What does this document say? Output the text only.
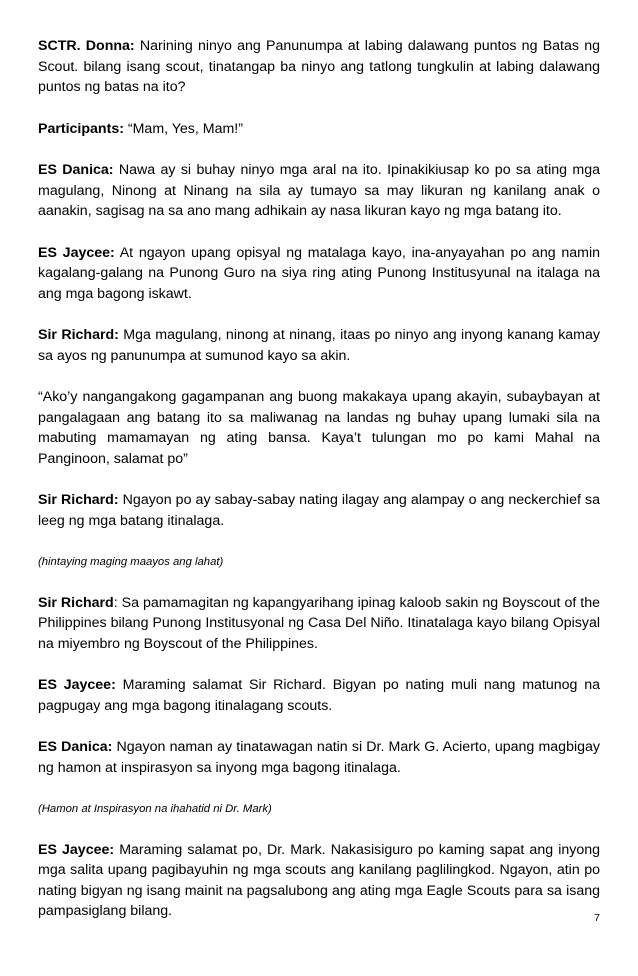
SCTR. Donna: Narining ninyo ang Panunumpa at labing dalawang puntos ng Batas ng Scout. bilang isang scout, tinatangap ba ninyo ang tatlong tungkulin at labing dalawang puntos ng batas na ito?

Participants: “Mam, Yes, Mam!”

ES Danica: Nawa ay si buhay ninyo mga aral na ito. Ipinakikiusap ko po sa ating mga magulang, Ninong at Ninang na sila ay tumayo sa may likuran ng kanilang anak o aanakin, sagisag na sa ano mang adhikain ay nasa likuran kayo ng mga batang ito.

ES Jaycee: At ngayon upang opisyal ng matalaga kayo, ina-anyayahan po ang namin kagalang-galang na Punong Guro na siya ring ating Punong Institusyunal na italaga na ang mga bagong iskawt.

Sir Richard: Mga magulang, ninong at ninang, itaas po ninyo ang inyong kanang kamay sa ayos ng panunumpa at sumunod kayo sa akin.

“Ako’y nangangakong gagampanan ang buong makakaya upang akayin, subaybayan at pangalagaan ang batang ito sa maliwanag na landas ng buhay upang lumaki sila na mabuting mamamayan ng ating bansa. Kaya’t tulungan mo po kami Mahal na Panginoon, salamat po”

Sir Richard: Ngayon po ay sabay-sabay nating ilagay ang alampay o ang neckerchief sa leeg ng mga batang itinalaga.

(hintaying maging maayos ang lahat)

Sir Richard: Sa pamamagitan ng kapangyarihang ipinag kaloob sakin ng Boyscout of the Philippines bilang Punong Institusyonal ng Casa Del Niño. Itinatalaga kayo bilang Opisyal na miyembro ng Boyscout of the Philippines.

ES Jaycee: Maraming salamat Sir Richard. Bigyan po nating muli nang matunog na pagpugay ang mga bagong itinalagang scouts.

ES Danica: Ngayon naman ay tinatawagan natin si Dr. Mark G. Acierto, upang magbigay ng hamon at inspirasyon sa inyong mga bagong itinalaga.

(Hamon at Inspirasyon na ihahatid ni Dr. Mark)

ES Jaycee: Maraming salamat po, Dr. Mark. Nakasisiguro po kaming sapat ang inyong mga salita upang pagibayuhin ng mga scouts ang kanilang paglilingkod. Ngayon, atin po nating bigyan ng isang mainit na pagsalubong ang ating mga Eagle Scouts para sa isang pampasiglang bilang.	7
